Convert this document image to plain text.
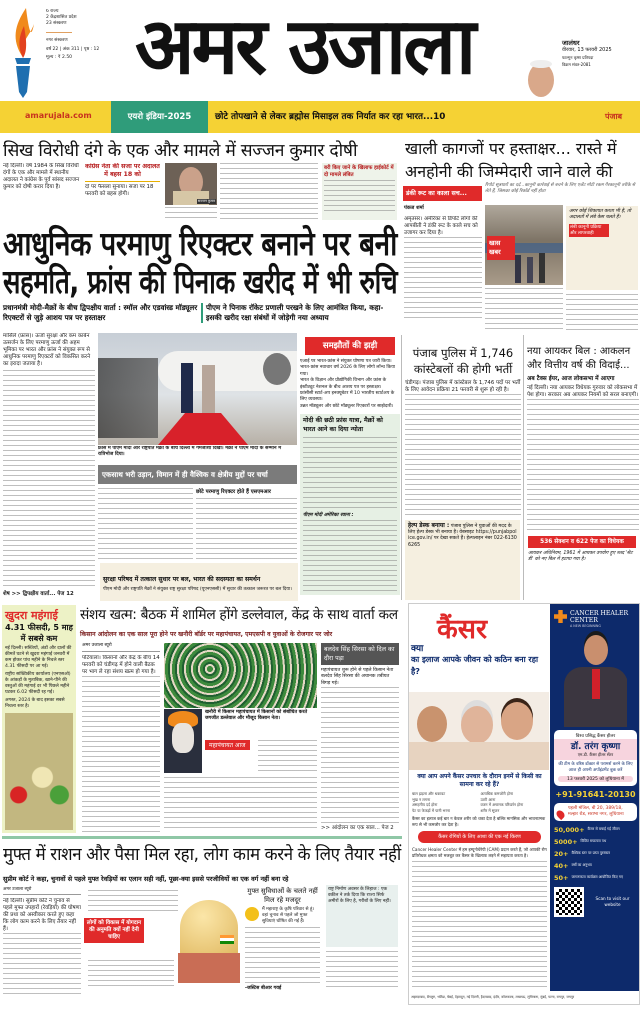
6 राज्य
2 केंद्रशासित प्रदेश
23 संस्करण
नगर संस्करण
वर्ष 22 | अंक 311 | पृष्ठ : 12
मूल्य : ₹ 2.50 अमर उजाला	जालंधर
वीरवार, 13 फरवरी 2025
फाल्गुन कृष्ण प्रतिपदा
विक्रम संवत-2081
amarujala.com	एयरो इंडिया-2025	छोटे तोपखाने से लेकर ब्रह्मोस मिसाइल तक निर्यात कर रहा भारत...10	पंजाब
सिख विरोधी दंगे के एक और मामले में सज्जन कुमार दोषी
नई दिल्ली। वर्ष 1984 के सिख विरोधी दंगों के एक और मामले में स्थानीय अदालत ने कांग्रेस के पूर्व सांसद सज्जन कुमार को दोषी करार दिया है।
कांग्रेस नेता की सजा पर अदालत में बहस 18 को
दो पर फैसला सुनाया। सजा पर 18 फरवरी को बहस होगी।
सज्जन कुमार
बरी किए जाने के खिलाफ हाईकोर्ट में दो मामले लंबित
खाली कागजों पर हस्ताक्षर... रास्ते में
अनहोनी की जिम्मेदारी जाने वाले की
डंकी रूट का काला सच...
रिपोर्ट सूत्रधारों का दर्द...कानूनी कार्रवाई से बचने के लिए एजेंट मोटी रकम गैरकानूनी तरीके से लेते हैं, जिसका कोई रिकॉर्ड नहीं होता
पंकज शर्मा
अमृतसर। अमेरिका से डिपोर्ट लोगों की आपबीती ने डंकी रूट के काले सच को उजागर कर दिया है।
खास खबर
अगर कोई शिकायत करता भी है, तो अदालतों में लंबे केस चलते हैं।
लंबी कानूनी प्रक्रिया और लापरवाही
आधुनिक परमाणु रिएक्टर बनाने पर बनी
सहमति, फ्रांस की पिनाक खरीद में भी रुचि
प्रधानमंत्री मोदी-मैक्रों के बीच द्विपक्षीय वार्ता : स्मॉल और एडवांस्ड मॉड्यूलर रिएक्टरों से जुड़े आशय पत्र पर हस्ताक्षर
पीएम ने पिनाक रॉकेट प्रणाली परखने के लिए आमंत्रित किया, कहा-इसकी खरीद रक्षा संबंधों में जोड़ेगी नया अध्याय
मार्सिले (फ्रांस)। ऊर्जा सुरक्षा और कम कार्बन उत्सर्जन के लिए परमाणु ऊर्जा की अहम भूमिका पर भारत और फ्रांस ने संयुक्त रूप से आधुनिक परमाणु रिएक्टरों को विकसित करने का इरादा जताया है।
शेष >> द्विपक्षीय वार्ता... पेज 12
फ्रांस में पीएम मोदी और राष्ट्रपति मैक्रों के बीच दिल्ली में गर्मजोशी दिखी। मैक्रों ने पीएम मोदी के सम्मान में रात्रिभोज दिया।
एकसाथ भरी उड़ान, विमान में ही वैश्विक व क्षेत्रीय मुद्दों पर चर्चा
छोटे परमाणु रिएक्टर होते हैं एसएमआर
समझौतों की झड़ी
एआई पर भारत-फ्रांस ने संयुक्त घोषणा पत्र जारी किया। भारत-फ्रांस नवाचार वर्ष 2026 के लिए लोगो लॉन्च किया गया।
भारत के विज्ञान और प्रौद्योगिकी विभाग और फ्रांस के इंस्टीट्यूट नेशनल के बीच आशय पत्र पर हस्ताक्षर।
फ्रांसीसी स्टार्ट-अप इनक्यूबेटर में 10 भारतीय स्टार्टअप के लिए व्यवस्था।
उन्नत मॉड्यूलर और छोटे मॉड्यूलर रिएक्टरों पर साझेदारी।
मोदी की छठी फ्रांस यात्रा, मैक्रों को भारत आने का दिया न्योता
पीएम मोदी अमेरिका रवाना :
सुरक्षा परिषद में तत्काल सुधार पर बल, भारत की सदस्यता का समर्थन
पीएम मोदी और राष्ट्रपति मैक्रों ने संयुक्त राष्ट्र सुरक्षा परिषद (यूएनएससी) में सुधार की तत्काल जरूरत पर बल दिया।
पंजाब पुलिस में 1,746 कांस्टेबलों की होगी भर्ती
चंडीगढ़। पंजाब पुलिस में कांस्टेबल के 1,746 पदों पर भर्ती के लिए आवेदन प्रक्रिया 21 फरवरी से शुरू हो रही है।
हेल्प डेस्क बनाया : पंजाब पुलिस ने युवाओं की मदद के लिए हेल्प डेस्क भी बनाया है। वेबसाइट https://punjabpolice.gov.in/ पर देखा सकते हैं। हेल्पलाइन नंबर 022-61306265
नया आयकर बिल : आकलन और वित्तीय वर्ष की विदाई...
अब टैक्स ईयर, आज लोकसभा में आएगा
नई दिल्ली। नया आयकर विधेयक गुरुवार को लोकसभा में पेश होगा। सरकार अब आयकर नियमों को सरल बनाएगी।
536 सेक्शन व 622 पेज का विधेयक
आयकर अधिनियम, 1961 में आयकर उपयोग हुए शब्द 'सैट डी' को नए बिल में हटाया गया है।
खुदरा महंगाई
4.31 फीसदी, 5 माह में सबसे कम
नई दिल्ली। सब्जियों, अंडों और दालों की कीमतें घटने से खुदरा महंगाई जनवरी में कम होकर पांच महीने के निचले स्तर 4.31 फीसदी पर आ गई।
राष्ट्रीय सांख्यिकीय कार्यालय (एनएसओ) के आंकड़ों के मुताबिक, खाने-पीने की वस्तुओं की महंगाई दर भी पिछले महीने घटकर 6.02 फीसदी रह गई।
अगस्त, 2024 के बाद इसका सबसे निचला स्तर है।
संशय खत्म: बैठक में शामिल होंगे डल्लेवाल, केंद्र के साथ वार्ता कल
किसान आंदोलन का एक साल पूरा होने पर खनौरी बॉर्डर पर महापंचायत, एमएसपी व युवाओं के रोजगार पर जोर
अमर उजाला ब्यूरो
पटियाला। किसानों और केंद्र के बीच 14 फरवरी को चंडीगढ़ में होने वाली बैठक पर भाग ले रहा संशय खत्म हो गया है।
खनौरी में किसान महापंचायत में किसानों को संबोधित करते जगजीत डल्लेवाल और मौजूद किसान नेता।
महापंचायत आज
बलदेव सिंह सिरसा को दिल का दौरा पड़ा
महापंचायत शुरू होने से पहले किसान नेता बलदेव सिंह सिरसा की अचानक तबीयत बिगड़ गई।
>> आंदोलन का एक साल... पेज 2
मुफ्त में राशन और पैसा मिल रहा, लोग काम करने के लिए तैयार नहीं
सुप्रीम कोर्ट ने कहा, चुनावों से पहले मुफ्त रेवड़ियों का एलान सही नहीं, पूछा-क्या इससे परजीवियों का एक वर्ग नहीं बना रहे
अमर उजाला ब्यूरो
नई दिल्ली। सुप्रीम कोर्ट ने चुनाव से पहले मुफ्त उपहारों (रेवड़ियों) की घोषणा की प्रथा को अस्वीकार करते हुए कहा कि लोग काम करने के लिए तैयार नहीं हैं।
लोगों को विकास में योगदान की अनुमति क्यों नहीं देनी चाहिए
मुफ्त सुविधाओं के चलते नहीं मिल रहे मजदूर
मैं महाराष्ट्र के कृषि परिवार से हूं। वहां चुनाव से पहले जो मुफ्त सुविधाएं घोषित की गई हैं।
-जस्टिस बीआर गवई
राष्ट्र निर्माण अवसर के लिहाज : एक वकील ने तर्क दिया कि राज्य सिर्फ अमीरों के लिए है, गरीबों के लिए नहीं।
क्या
कैंसर
का इलाज आपके जीवन को कठिन बना रहा है?
क्या आप अपने कैंसर उपचार के दौरान इनमें से किसी का सामना कर रहे हैं?
बाल झड़ना और थकावट	अत्यधिक कमजोरी होना
भूख न लगना	उल्टी आना
असहनीय दर्द होना	वजन में अचानक परिवर्तन होना
पेट या फेफड़ों में पानी भरना	शरीर में सूजन
कैंसर का इलाज कई बार न केवल शरीर को थका देता है बल्कि मानसिक और भावनात्मक रूप से भी कमजोर कर देता है।
कैंसर रोगियों के लिए आशा की एक नई किरण
Cancer Healer Center में हम इम्यूनोथेरेपी (CAM) प्रदान करते हैं, जो आपकी रोग प्रतिरोधक क्षमता को मजबूत कर कैंसर के खिलाफ लड़ने में सहायता करता है।
CANCER HEALER CENTER
A NEW BEGINNING
विश्व प्रसिद्ध कैंसर हीलर
डॉ. तरंग कृष्णा
एम.डी. कैंसर हीलर सेंटर
की टीम के वरिष्ठ डॉक्टर से परामर्श करने के लिए आज ही अपनी अपॉइंटमेंट बुक करें
13 फरवरी 2025 को लुधियाना में
+91-91641-20130
पहली मंजिल, बी 20, 389/18, मल्हार रोड, सराभा नगर, लुधियाना
50,000+ कैंसर से बचाई गई जीवन
5000+ विजिट सफलता पथ
20+ वैश्विक स्तर पर प्राप्त पुरस्कार
40+ वर्षों का अनुभव
50+ जागरूकता कार्यक्रम आयोजित किए गए
Scan to visit our website
अहमदाबाद, बेंगलुरु, भटिंडा, चेन्नई, देहरादून, नई दिल्ली, हैदराबाद, इंदौर, कोलकाता, लखनऊ, लुधियाना, मुंबई, पटना, रायपुर, जयपुर
